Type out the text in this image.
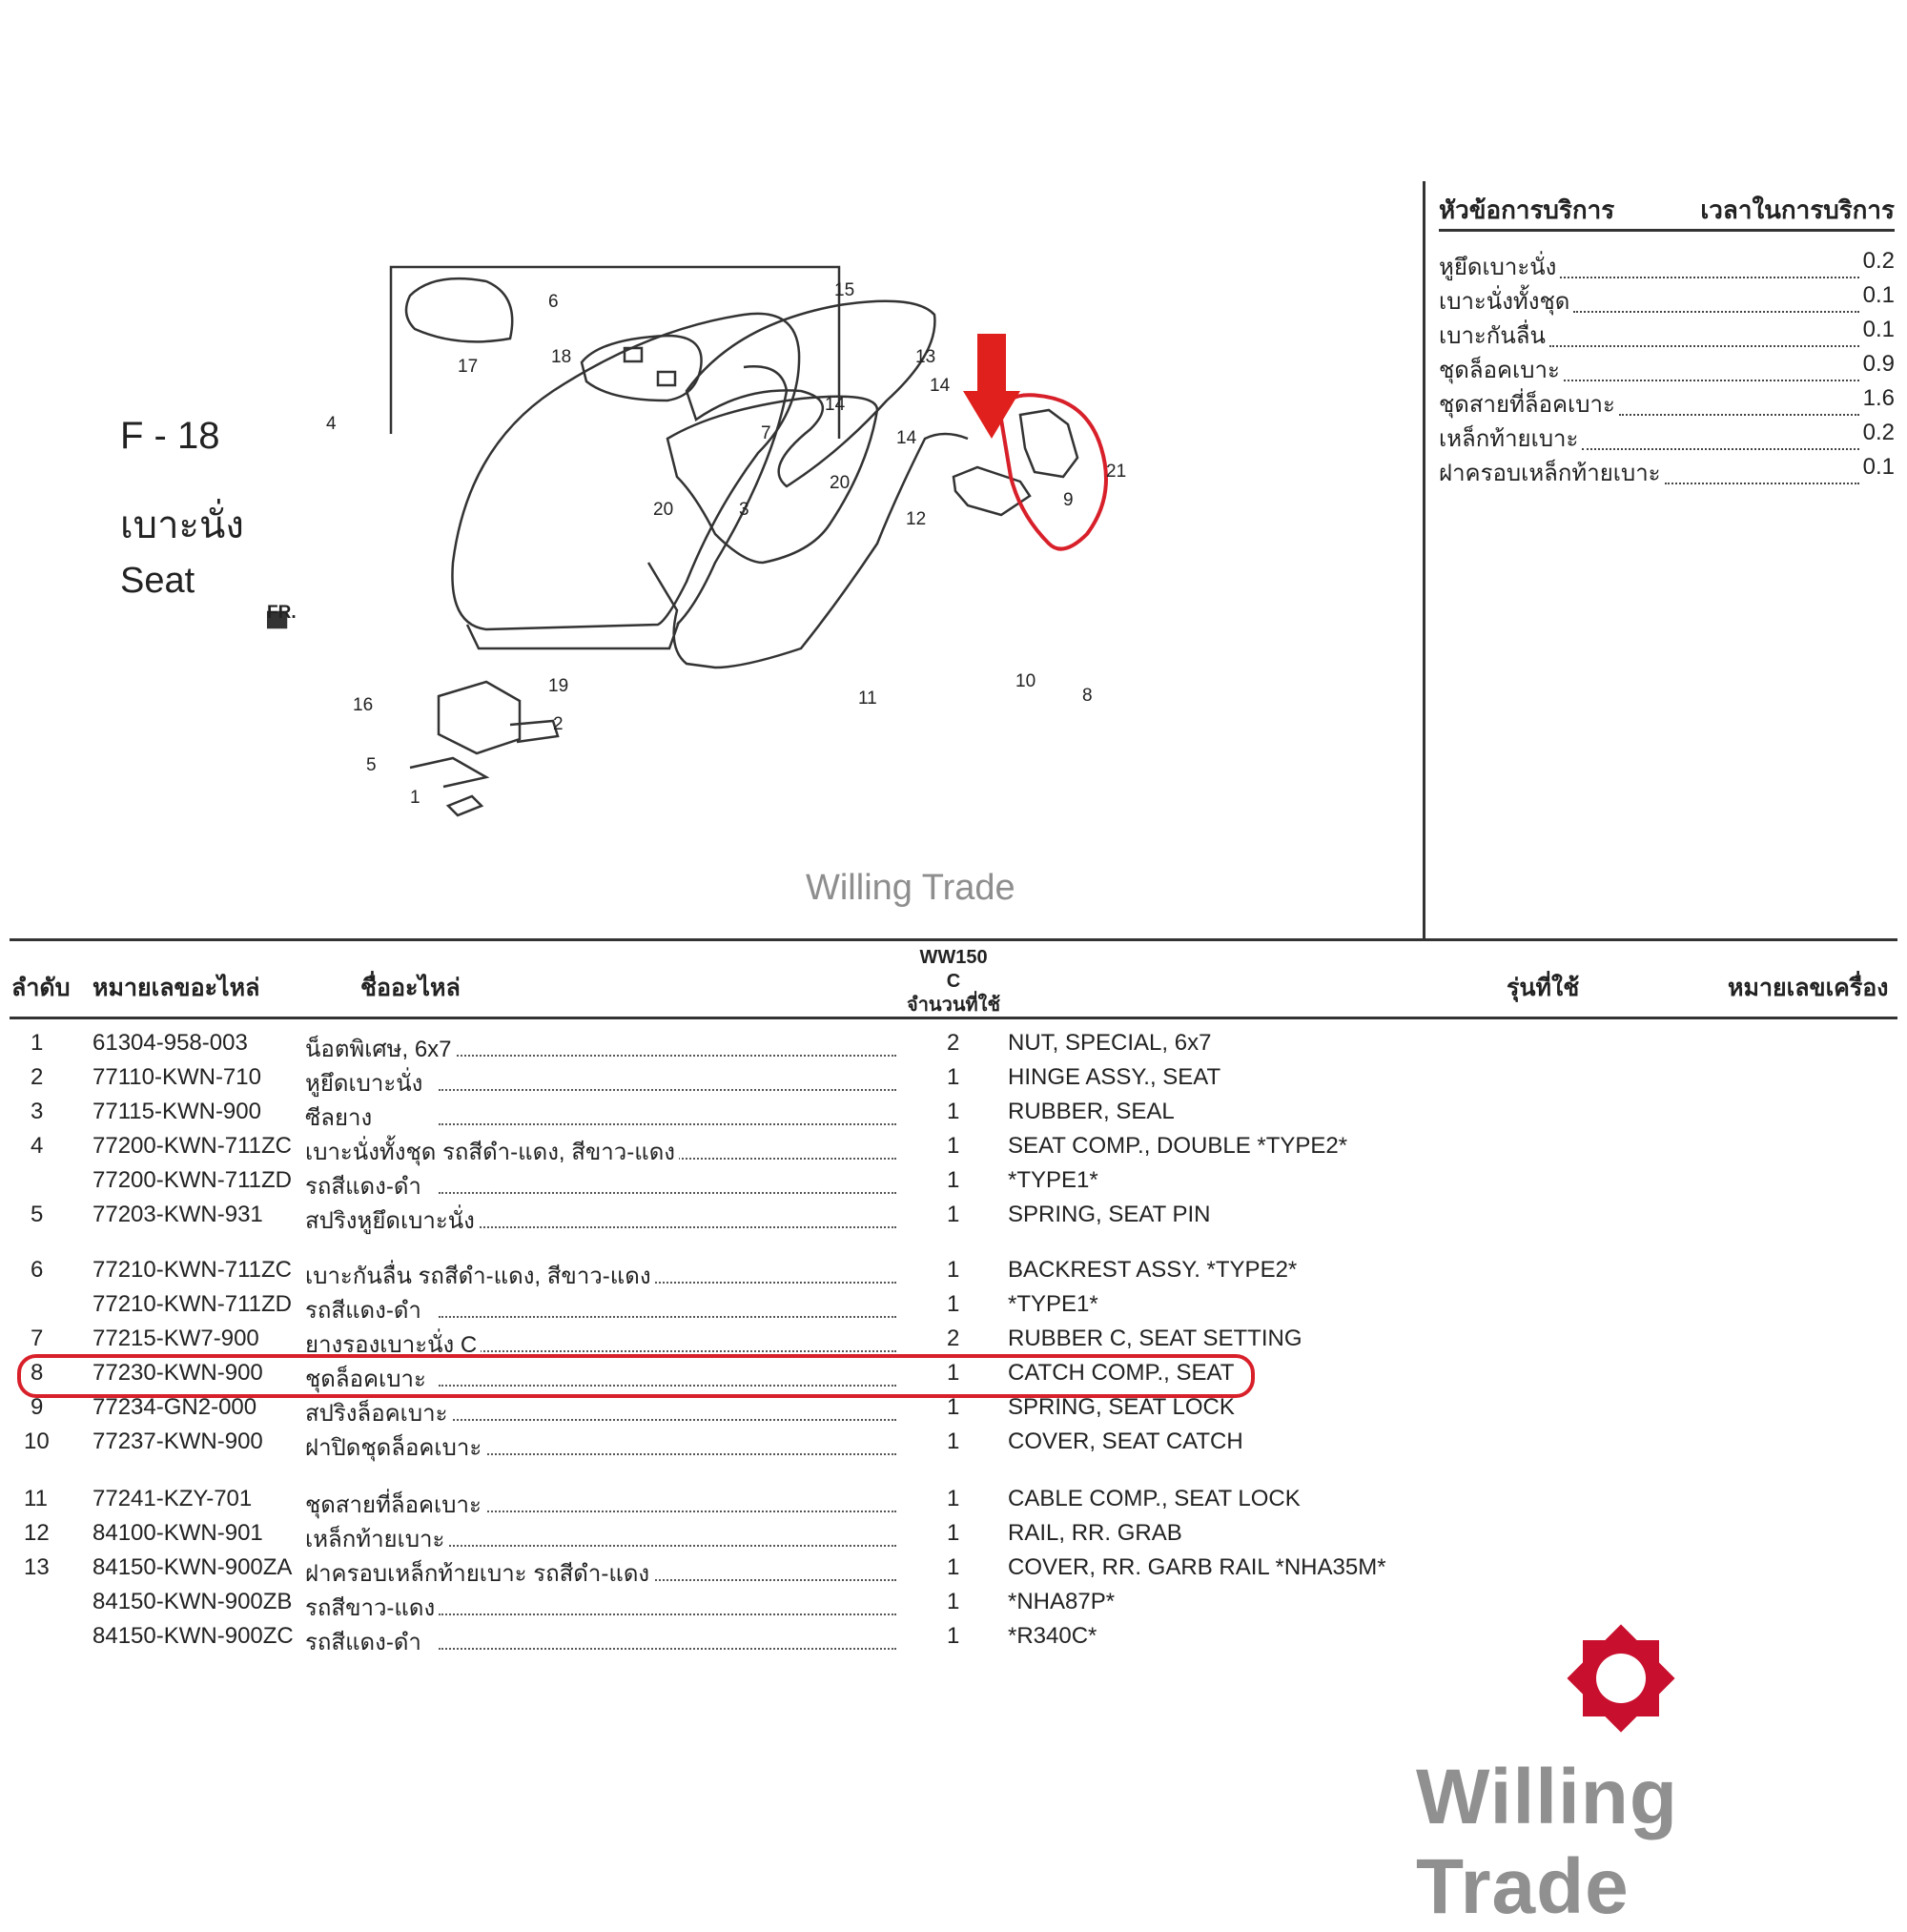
F - 18
เบาะนั่ง
Seat
6
18
17
7
4
3
19
16
2
5
1
13
14
14
14
15
20
20	12
11
9
8
10
21
FR.
Willing Trade
หัวข้อการบริการ	เวลาในการบริการ
หูยึดเบาะนั่ง	0.2
เบาะนั่งทั้งชุด	0.1
เบาะกันลื่น	0.1
ชุดล็อคเบาะ	0.9
ชุดสายที่ล็อคเบาะ	1.6
เหล็กท้ายเบาะ	0.2
ฝาครอบเหล็กท้ายเบาะ	0.1
ลำดับ หมายเลขอะไหล่	ชื่ออะไหล่
WW150
C
จำนวนที่ใช้
รุ่นที่ใช้	หมายเลขเครื่อง
1 61304-958-003	น็อตพิเศษ, 6x7	2 NUT, SPECIAL, 6x7
2 77110-KWN-710 หูยึดเบาะนั่ง	1 HINGE ASSY., SEAT
3 77115-KWN-900 ซีลยาง	1 RUBBER, SEAL
4 77200-KWN-711ZC เบาะนั่งทั้งชุด รถสีดำ-แดง, สีขาว-แดง	1 SEAT COMP., DOUBLE *TYPE2*
77200-KWN-711ZD รถสีแดง-ดำ	1 *TYPE1*
5 77203-KWN-931 สปริงหูยึดเบาะนั่ง	1 SPRING, SEAT PIN
6 77210-KWN-711ZC เบาะกันลื่น รถสีดำ-แดง, สีขาว-แดง	1 BACKREST ASSY. *TYPE2*
77210-KWN-711ZD รถสีแดง-ดำ	1 *TYPE1*
7 77215-KW7-900 ยางรองเบาะนั่ง C	2 RUBBER C, SEAT SETTING
8 77230-KWN-900 ชุดล็อคเบาะ	1 CATCH COMP., SEAT
9 77234-GN2-000 สปริงล็อคเบาะ	1 SPRING, SEAT LOCK
10 77237-KWN-900 ฝาปิดชุดล็อคเบาะ	1 COVER, SEAT CATCH
11 77241-KZY-701 ชุดสายที่ล็อคเบาะ	1 CABLE COMP., SEAT LOCK
12 84100-KWN-901 เหล็กท้ายเบาะ	1 RAIL, RR. GRAB
13 84150-KWN-900ZA ฝาครอบเหล็กท้ายเบาะ รถสีดำ-แดง	1 COVER, RR. GARB RAIL *NHA35M*
84150-KWN-900ZB รถสีขาว-แดง	1 *NHA87P*
84150-KWN-900ZC รถสีแดง-ดำ	1 *R340C*
Willing Trade
